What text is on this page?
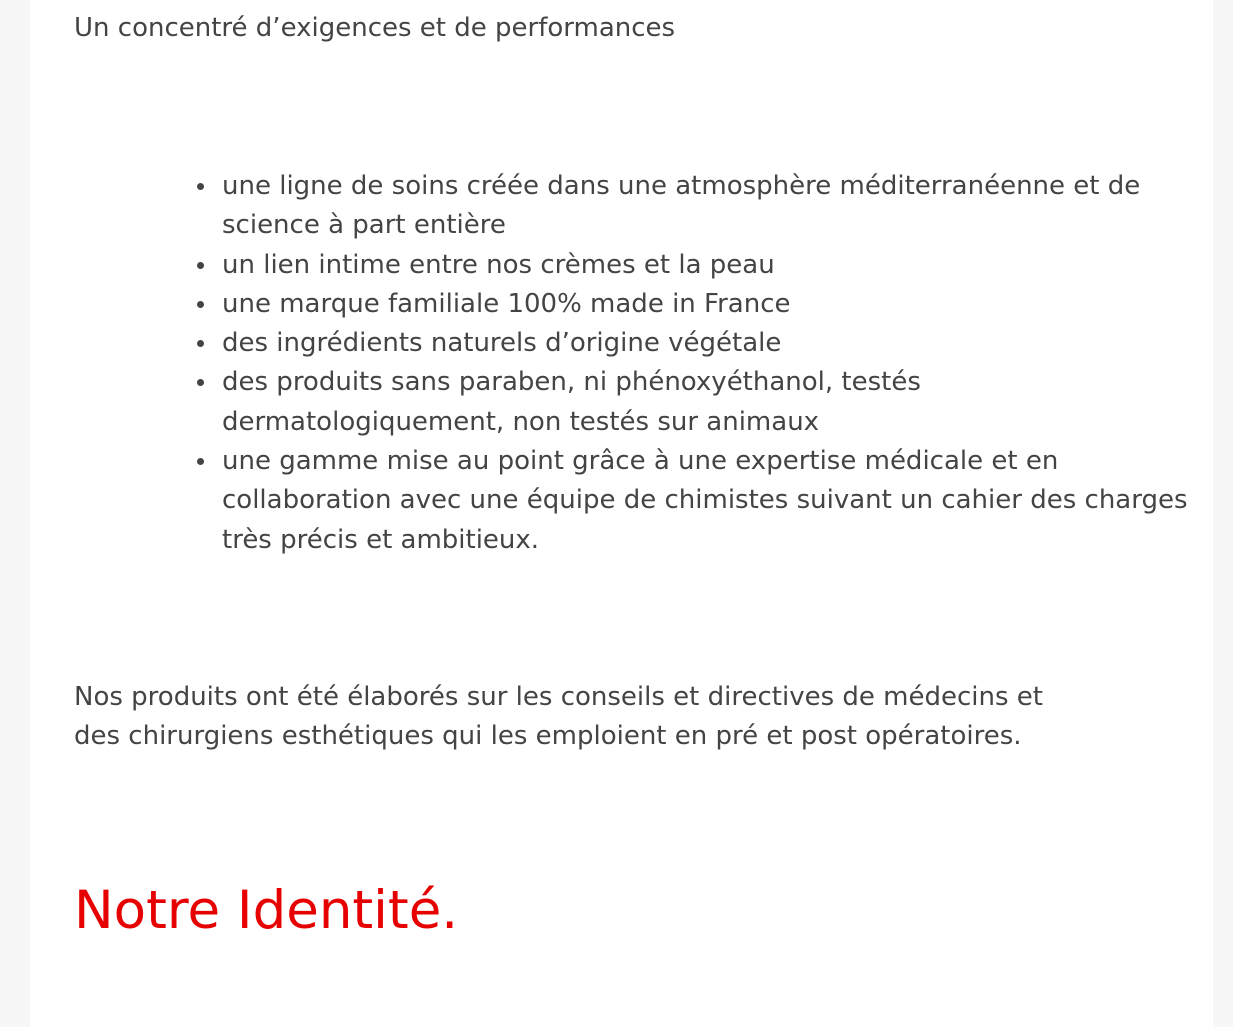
Un concentré d’exigences et de performances

une ligne de soins créée dans une atmosphère méditerranéenne et de science à part entière
un lien intime entre nos crèmes et la peau
une marque familiale 100% made in France
des ingrédients naturels d’origine végétale
des produits sans paraben, ni phénoxyéthanol, testés dermatologiquement, non testés sur animaux
une gamme mise au point grâce à une expertise médicale et en collaboration avec une équipe de chimistes suivant un cahier des charges très précis et ambitieux.

Nos produits ont été élaborés sur les conseils et directives de médecins et des chirurgiens esthétiques qui les emploient en pré et post opératoires.

Notre Identité.
